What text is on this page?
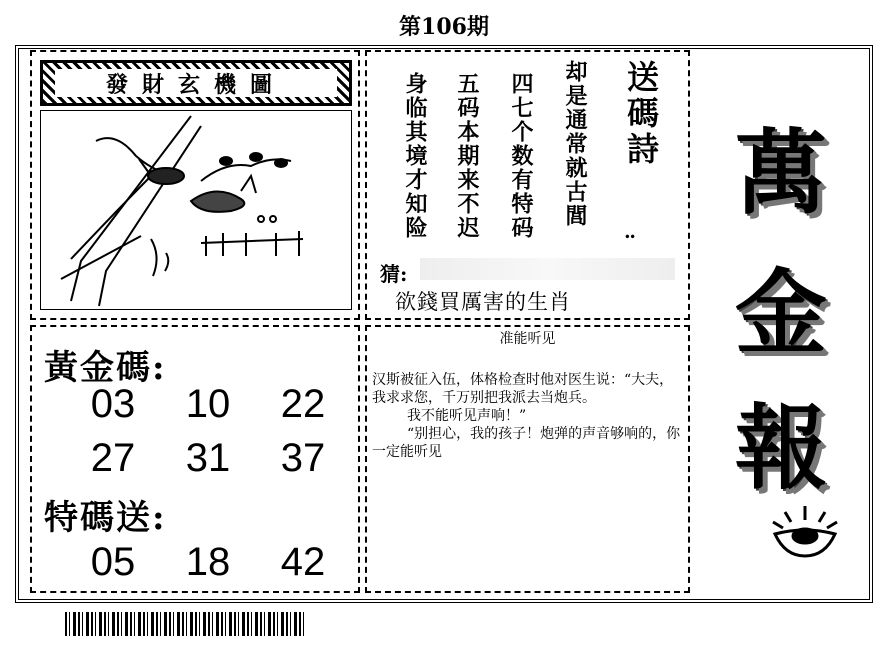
第106期
發財玄機圖	身临其境才知险 五码本期来不迟 四七个数有特码 却是通常就古閭 送碼詩
⠒
猜:
欲錢買厲害的生肖
黃金碼:
03	10	22
27	31	37
特碼送:
05	18	42
准能听见

汉斯被征入伍，体格检查时他对医生说：“大夫，我求求您，千万别把我派去当炮兵。

我不能听见声响！”

“别担心，我的孩子！炮弹的声音够响的，你一定能听见

萬
金
報
